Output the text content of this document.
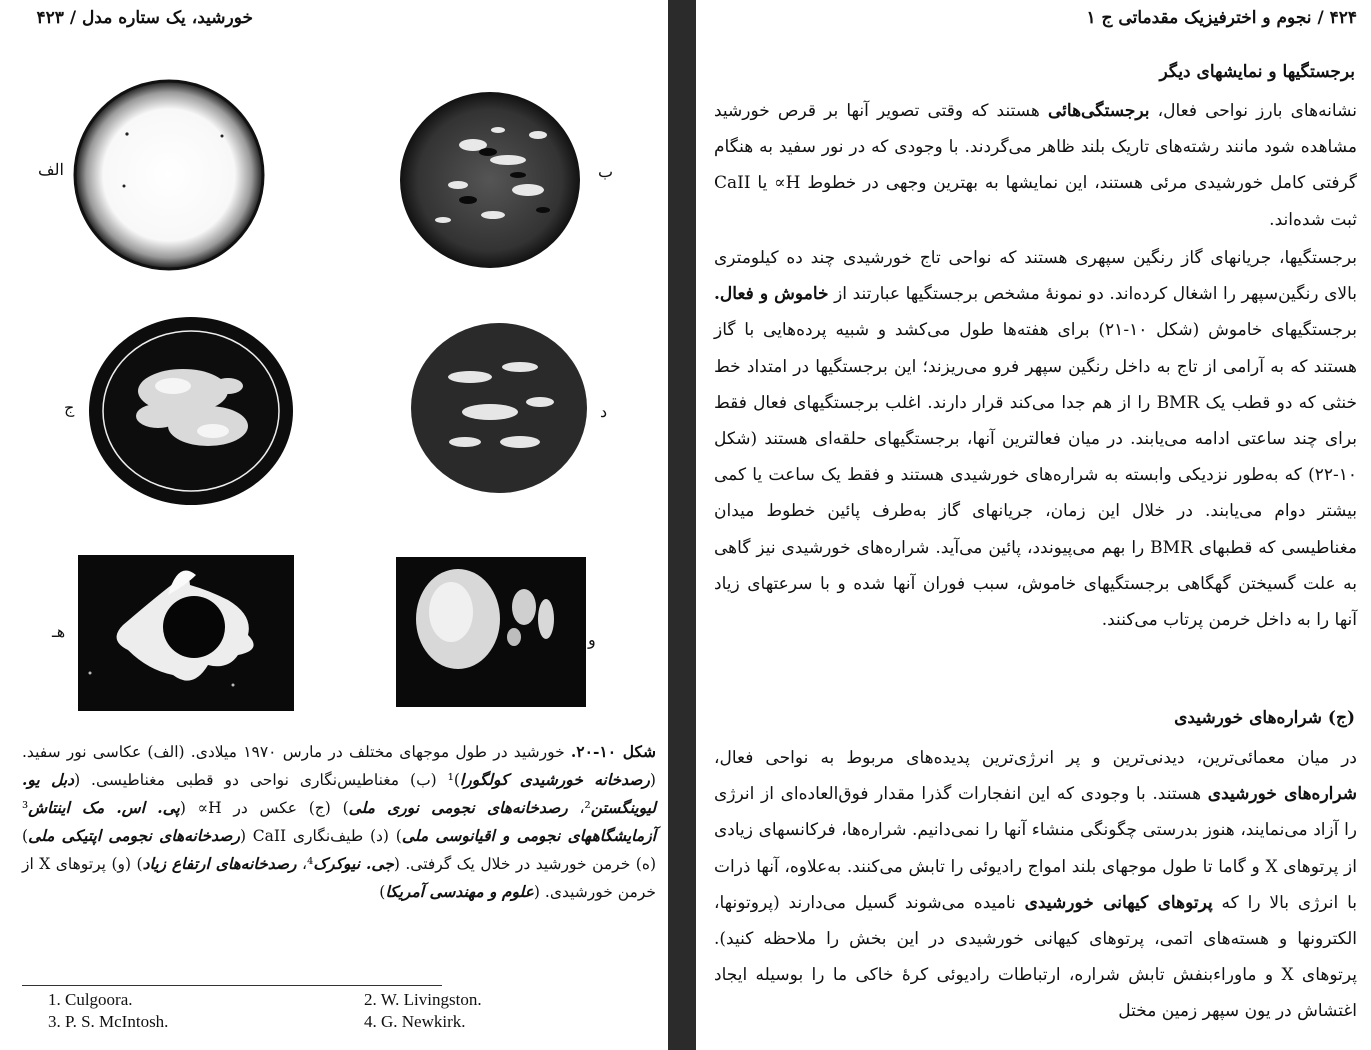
خورشید، یک ستاره مدل / ۴۲۳
الف	ب
ج	د
هـ	و
شکل ۱۰-۲۰. خورشید در طول موجهای مختلف در مارس ۱۹۷۰ میلادی. (الف) عکاسی نور سفید. (رصدخانه خورشیدی کولگورا)¹ (ب) مغناطیس‌نگاری نواحی دو قطبی مغناطیسی. (دبل یو. لیوینگستن²، رصدخانه‌های نجومی نوری ملی) (ج) عکس در H∝ (پی. اس. مک اینتاش³ آزمایشگاههای نجومی و اقیانوسی ملی) (د) طیف‌نگاری CaII (رصدخانه‌های نجومی اپتیکی ملی) (ه) خرمن خورشید در خلال یک گرفتی. (جی. نیوکرک⁴، رصدخانه‌های ارتفاع زیاد) (و) پرتوهای X از خرمن خورشیدی. (علوم و مهندسی آمریکا)
1. Culgoora.	2. W. Livingston.
3. P. S. McIntosh.	4. G. Newkirk.
۴۲۴ / نجوم و اخترفیزیک مقدماتی ج ۱
برجستگیها و نمایشهای دیگر
نشانه‌های بارز نواحی فعال، برجستگی‌هائی هستند که وقتی تصویر آنها بر قرص خورشید مشاهده شود مانند رشته‌های تاریک بلند ظاهر می‌گردند. با وجودی که در نور سفید به هنگام گرفتی کامل خورشیدی مرئی هستند، این نمایشها به بهترین وجهی در خطوط H∝ یا CaII ثبت شده‌اند.
برجستگیها، جریانهای گاز رنگین سپهری هستند که نواحی تاج خورشیدی چند ده کیلومتری بالای رنگین‌سپهر را اشغال کرده‌اند. دو نمونهٔ مشخص برجستگیها عبارتند از خاموش و فعال. برجستگیهای خاموش (شکل ۱۰-۲۱) برای هفته‌ها طول می‌کشد و شبیه پرده‌هایی با گاز هستند که به آرامی از تاج به داخل رنگین سپهر فرو می‌ریزند؛ این برجستگیها در امتداد خط خنثی که دو قطب یک BMR را از هم جدا می‌کند قرار دارند. اغلب برجستگیهای فعال فقط برای چند ساعتی ادامه می‌یابند. در میان فعالترین آنها، برجستگیهای حلقه‌ای هستند (شکل ۱۰-۲۲) که به‌طور نزدیکی وابسته به شراره‌های خورشیدی هستند و فقط یک ساعت یا کمی بیشتر دوام می‌یابند. در خلال این زمان، جریانهای گاز به‌طرف پائین خطوط میدان مغناطیسی که قطبهای BMR را بهم می‌پیوندد، پائین می‌آید. شراره‌های خورشیدی نیز گاهی به علت گسیختن گهگاهی برجستگیهای خاموش، سبب فوران آنها شده و با سرعتهای زیاد آنها را به داخل خرمن پرتاب می‌کنند.
(ج) شراره‌های خورشیدی
در میان معمائی‌ترین، دیدنی‌ترین و پر انرژی‌ترین پدیده‌های مربوط به نواحی فعال، شراره‌های خورشیدی هستند. با وجودی که این انفجارات گذرا مقدار فوق‌العاده‌ای از انرژی را آزاد می‌نمایند، هنوز بدرستی چگونگی منشاء آنها را نمی‌دانیم. شراره‌ها، فرکانسهای زیادی از پرتوهای X و گاما تا طول موجهای بلند امواج رادیوئی را تابش می‌کنند. به‌علاوه، آنها ذرات با انرژی بالا را که پرتوهای کیهانی خورشیدی نامیده می‌شوند گسیل می‌دارند (پروتونها، الکترونها و هسته‌های اتمی، پرتوهای کیهانی خورشیدی در این بخش را ملاحظه کنید). پرتوهای X و ماوراءبنفش تابش شراره، ارتباطات رادیوئی کرهٔ خاکی ما را بوسیله ایجاد اغتشاش در یون سپهر زمین مختل
